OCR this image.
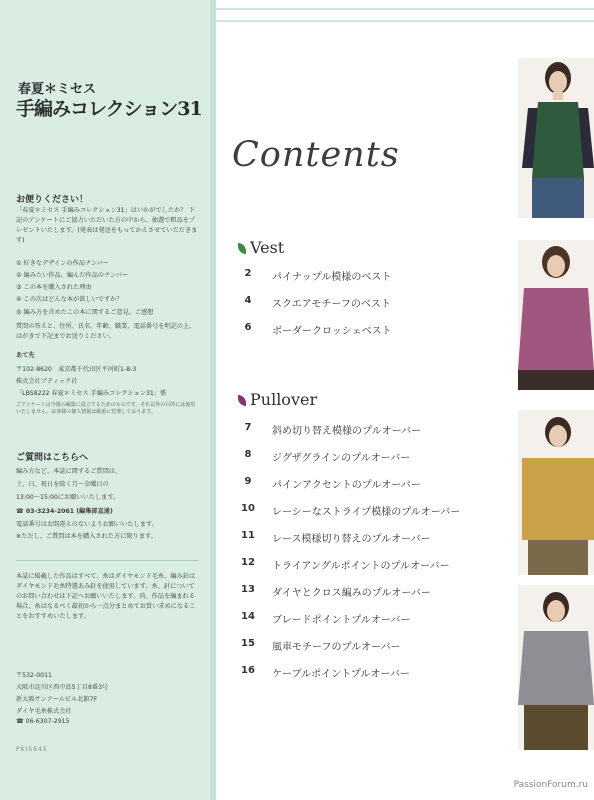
春夏＊ミセス
手編みコレクション31
お便りください！
「春夏＊ミセス 手編みコレクション31」はいかがでしたか？ 下記のアンケートにご協力いただいた方の中から、抽選で粗品をプレゼントいたします。(発表は発送をもってかえさせていただきます)
① 好きなデザインの作品ナンバー
② 編みたい作品、編んだ作品のナンバー
③ この本を購入された理由
④ この次はどんな本が欲しいですか？
⑤ 編み方を含めたこの本に関するご意見、ご感想
質問の答えと、住所、氏名、年齢、職業、電話番号を明記の上、はがきで下記までお送りください。
あて先
〒102-8620　東京都千代田区平河町1-8-3
株式会社ブティック社
「LBS8222 春夏＊ミセス 手編みコレクション31」係
ごアンケートは今後の編集に役立てるためのものです。それ以外の目的には使用いたしません。お客様の個人情報は厳重に管理しております。
ご質問はこちらへ
編み方など、本誌に関するご質問は、
土、日、祝日を除く月〜金曜日の
13:00〜15:00にお願いいたします。
☎ 03-3234-2061 (編集部直通)
電話番号はお間違えのないようお願いいたします。
※ただし、ご質問は本を購入された方に限ります。
本誌に掲載した作品はすべて、糸はダイヤモンド毛糸、編み針はダイヤモンド毛糸特選あみ針を使用しています。糸、針についてのお問い合わせは下記へお願いいたします。尚、作品を編まれる場合、糸はなるべく最初から一点分まとめてお買い求めになることをおすすめいたします。
〒532-0011
大阪市淀川区西中島5丁目8番3号
新大阪サンアールビル北館7F
ダイヤ毛糸株式会社
☎ 06-6307-2915
PKIS945
Contents
Vest
2	パイナップル模様のベスト
4	スクエアモチーフのベスト
6	ボーダークロッシェベスト
Pullover
7	斜め切り替え模様のプルオーバー
8	ジグザグラインのプルオーバー
9	パインアクセントのプルオーバー
10	レーシーなストライプ模様のプルオーバー
11	レース模様切り替えのプルオーバー
12	トライアングルポイントのプルオーバー
13	ダイヤとクロス編みのプルオーバー
14	ブレードポイントプルオーバー
15	風車モチーフのプルオーバー
16	ケーブルポイントプルオーバー
PassionForum.ru
